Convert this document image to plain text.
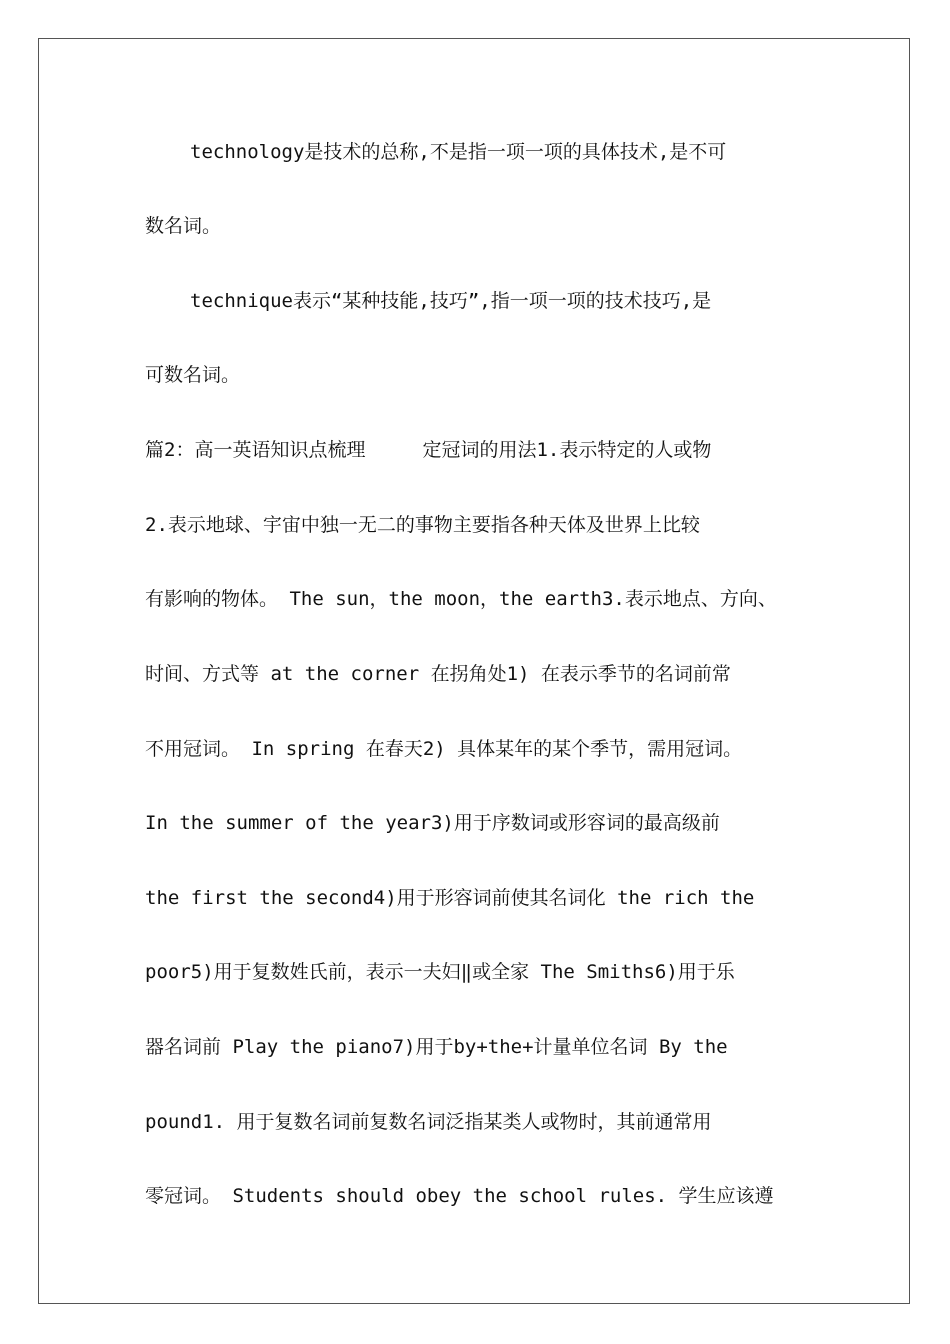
technology是技术的总称,不是指一项一项的具体技术,是不可
数名词。
technique表示“某种技能,技巧”,指一项一项的技术技巧,是
可数名词。
篇2：高一英语知识点梳理　　　定冠词的用法1.表示特定的人或物
2.表示地球、宇宙中独一无二的事物主要指各种天体及世界上比较
有影响的物体。 The sun，the moon，the earth3.表示地点、方向、
时间、方式等 at the corner 在拐角处1) 在表示季节的名词前常
不用冠词。 In spring 在春天2) 具体某年的某个季节，需用冠词。
In the summer of the year3)用于序数词或形容词的最高级前
the first the second4)用于形容词前使其名词化 the rich the
poor5)用于复数姓氏前，表示一夫妇‖或全家 The Smiths6)用于乐
器名词前 Play the piano7)用于by+the+计量单位名词 By the
pound1. 用于复数名词前复数名词泛指某类人或物时，其前通常用
零冠词。 Students should obey the school rules. 学生应该遵
